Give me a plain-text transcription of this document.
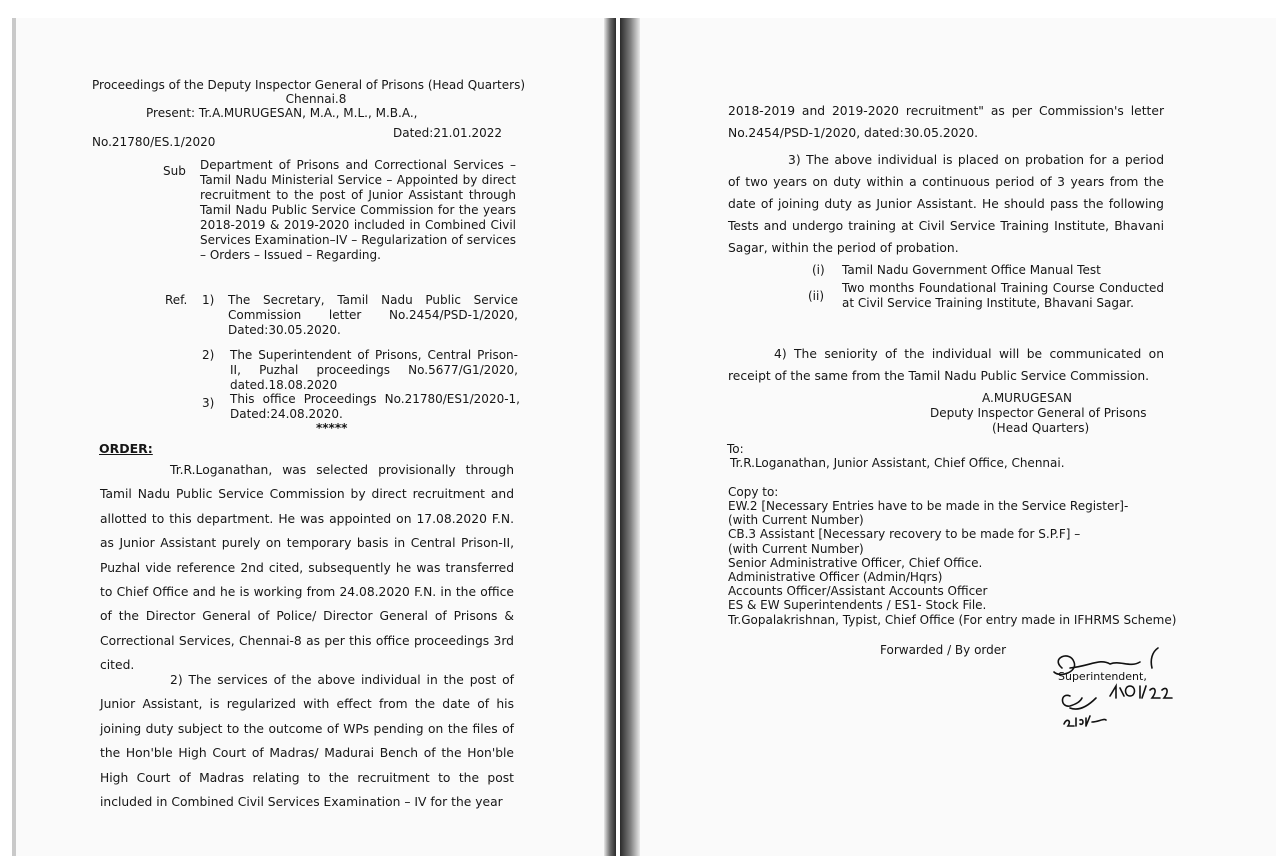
Proceedings of the Deputy Inspector General of Prisons (Head Quarters)
Chennai.8
Present: Tr.A.MURUGESAN, M.A., M.L., M.B.A.,
No.21780/ES.1/2020
Dated:21.01.2022
Sub Department of Prisons and Correctional Services – Tamil Nadu Ministerial Service – Appointed by direct recruitment to the post of Junior Assistant through Tamil Nadu Public Service Commission for the years 2018-2019 & 2019-2020 included in Combined Civil Services Examination–IV – Regularization of services – Orders – Issued – Regarding.
Ref. 1) The Secretary, Tamil Nadu Public Service Commission letter No.2454/PSD-1/2020, Dated:30.05.2020.
2) The Superintendent of Prisons, Central Prison-II, Puzhal proceedings No.5677/G1/2020, dated.18.08.2020
3) This office Proceedings No.21780/ES1/2020-1, Dated:24.08.2020.
*****
ORDER:
Tr.R.Loganathan, was selected provisionally through Tamil Nadu Public Service Commission by direct recruitment and allotted to this department. He was appointed on 17.08.2020 F.N. as Junior Assistant purely on temporary basis in Central Prison-II, Puzhal vide reference 2nd cited, subsequently he was transferred to Chief Office and he is working from 24.08.2020 F.N. in the office of the Director General of Police/ Director General of Prisons & Correctional Services, Chennai-8 as per this office proceedings 3rd cited.
2) The services of the above individual in the post of Junior Assistant, is regularized with effect from the date of his joining duty subject to the outcome of WPs pending on the files of the Hon'ble High Court of Madras/ Madurai Bench of the Hon'ble High Court of Madras relating to the recruitment to the post included in Combined Civil Services Examination – IV for the year
2018-2019 and 2019-2020 recruitment" as per Commission's letter No.2454/PSD-1/2020, dated:30.05.2020.
3) The above individual is placed on probation for a period of two years on duty within a continuous period of 3 years from the date of joining duty as Junior Assistant. He should pass the following Tests and undergo training at Civil Service Training Institute, Bhavani Sagar, within the period of probation.
(i) Tamil Nadu Government Office Manual Test
(ii)
Two months Foundational Training Course Conducted at Civil Service Training Institute, Bhavani Sagar.
4) The seniority of the individual will be communicated on receipt of the same from the Tamil Nadu Public Service Commission.
A.MURUGESAN
Deputy Inspector General of Prisons
(Head Quarters)
To:
Tr.R.Loganathan, Junior Assistant, Chief Office, Chennai.
Copy to:
EW.2 [Necessary Entries have to be made in the Service Register]-
(with Current Number)
CB.3 Assistant [Necessary recovery to be made for S.P.F] –
(with Current Number)
Senior Administrative Officer, Chief Office.
Administrative Officer (Admin/Hqrs)
Accounts Officer/Assistant Accounts Officer
ES & EW Superintendents / ES1- Stock File.
Tr.Gopalakrishnan, Typist, Chief Office (For entry made in IFHRMS Scheme)
Forwarded / By order
Superintendent,
